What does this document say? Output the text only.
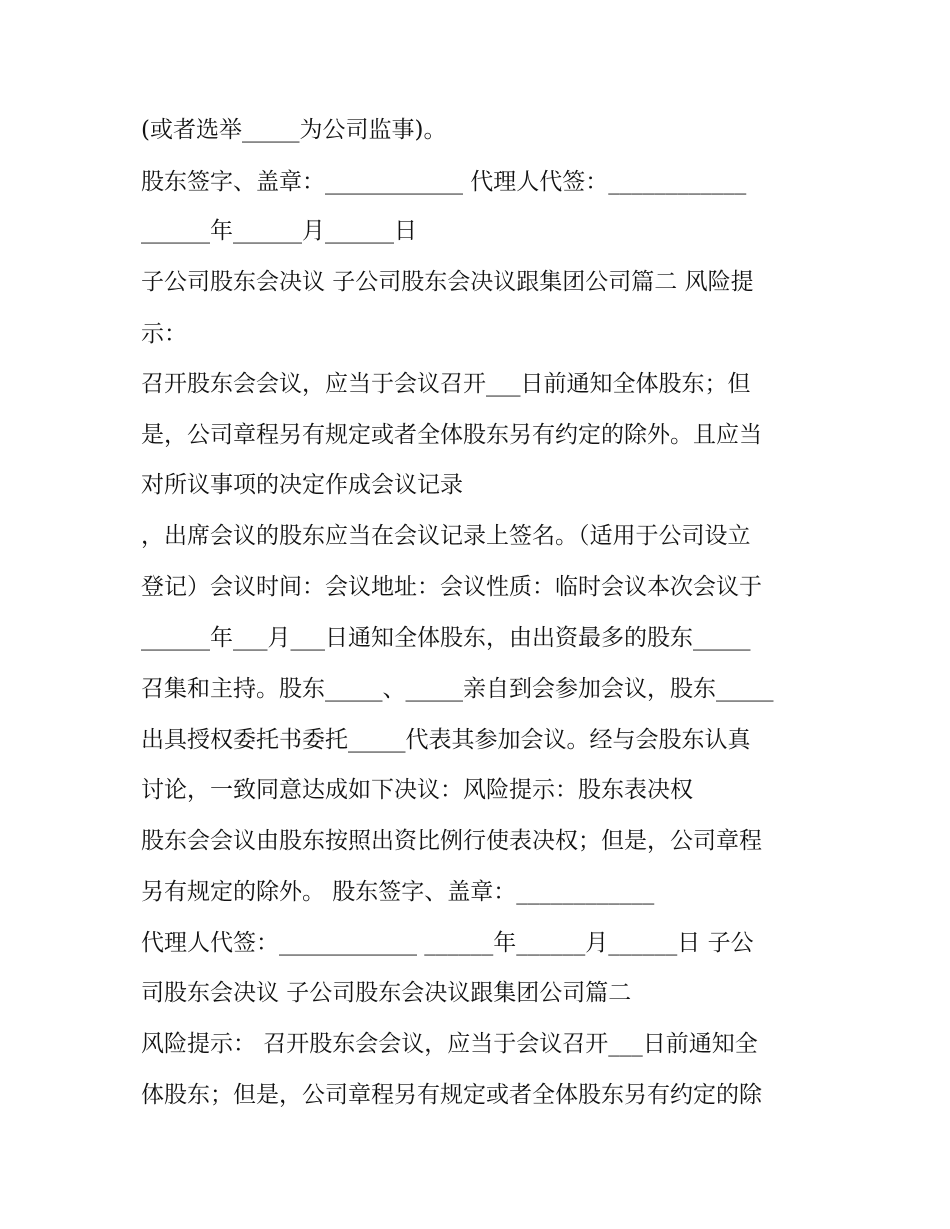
(或者选举_____为公司监事)。

股东签字、盖章：____________ 代理人代签：____________

______年______月______日

子公司股东会决议 子公司股东会决议跟集团公司篇二 风险提

示：

召开股东会会议，应当于会议召开___日前通知全体股东；但

是，公司章程另有规定或者全体股东另有约定的除外。且应当

对所议事项的决定作成会议记录

，出席会议的股东应当在会议记录上签名。（适用于公司设立

登记）会议时间：会议地址：会议性质：临时会议本次会议于

______年___月___日通知全体股东，由出资最多的股东_____

召集和主持。股东_____、_____亲自到会参加会议，股东_____

出具授权委托书委托_____代表其参加会议。经与会股东认真

讨论，一致同意达成如下决议：风险提示：股东表决权

股东会会议由股东按照出资比例行使表决权；但是，公司章程

另有规定的除外。 股东签字、盖章：____________

代理人代签：____________ ______年______月______日 子公

司股东会决议 子公司股东会决议跟集团公司篇二

风险提示： 召开股东会会议，应当于会议召开___日前通知全

体股东；但是，公司章程另有规定或者全体股东另有约定的除
